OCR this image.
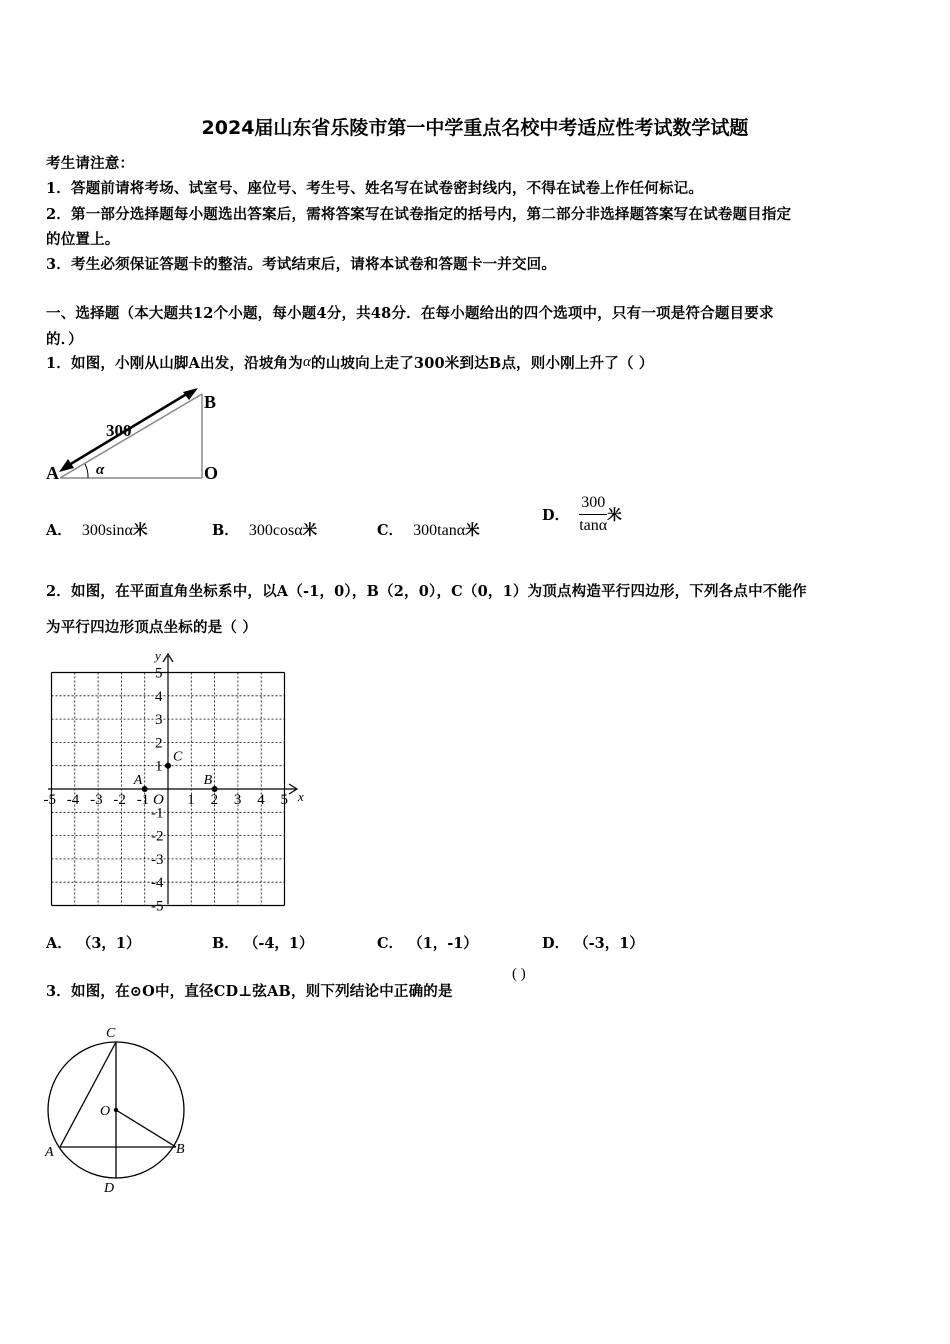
2024届山东省乐陵市第一中学重点名校中考适应性考试数学试题
考生请注意：
1．答题前请将考场、试室号、座位号、考生号、姓名写在试卷密封线内，不得在试卷上作任何标记。
2．第一部分选择题每小题选出答案后，需将答案写在试卷指定的括号内，第二部分非选择题答案写在试卷题目指定
的位置上。
3．考生必须保证答题卡的整洁。考试结束后，请将本试卷和答题卡一并交回。
一、选择题（本大题共12个小题，每小题4分，共48分．在每小题给出的四个选项中，只有一项是符合题目要求
的．）
1．如图，小刚从山脚A出发，沿坡角为α的山坡向上走了300米到达B点，则小刚上升了（ ）
300
A
B
O
α
A． 300sinα米	B． 300cosα米	C． 300tanα米
D． $\frac{300}{\tan\alpha}$ 米
2．如图，在平面直角坐标系中，以A（-1，0），B（2，0），C（0，1）为顶点构造平行四边形，下列各点中不能作
为平行四边形顶点坐标的是（ ）
x
y
O
-5 -4 -3 -2 -1	1 2 3 4 5
5
4
3
2
1
-1
-2
-3
-4
-5
A	B
C
A． （3，1）	B． （-4，1）	C． （1，-1）	D． （-3，1）
3．如图，在⊙O中，直径CD⊥弦AB，则下列结论中正确的是
( )
C
O
A	B
D
